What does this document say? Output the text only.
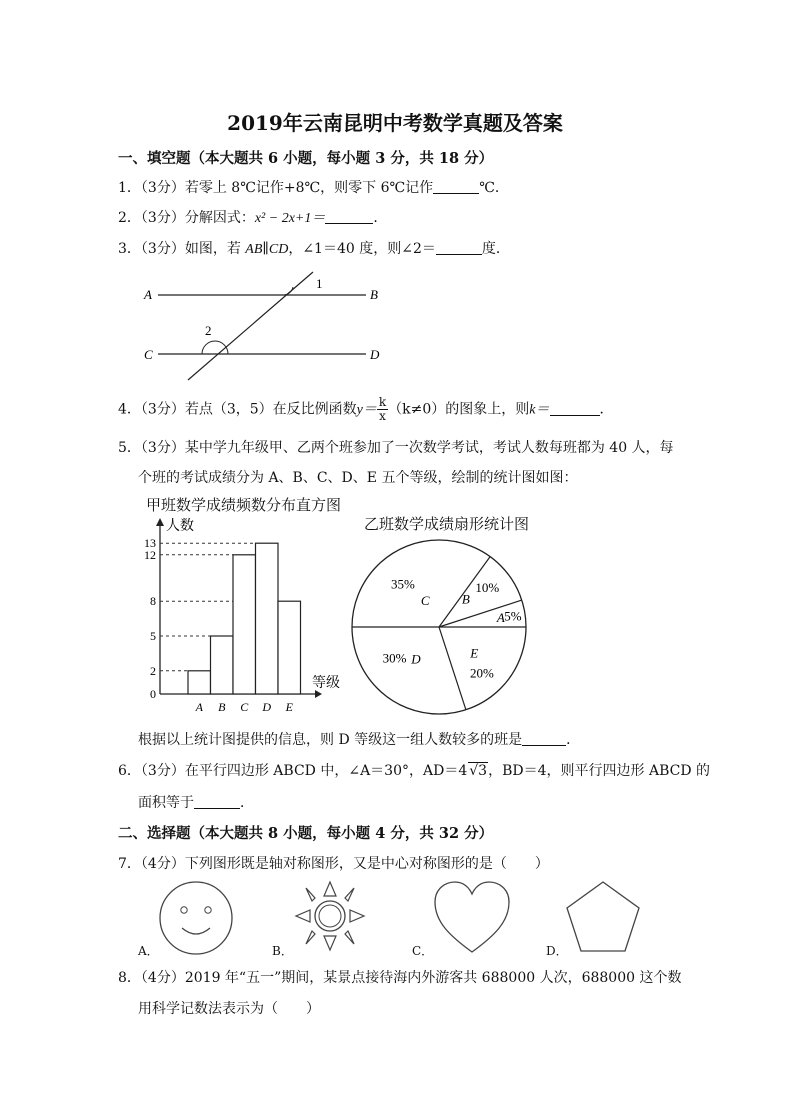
2019年云南昆明中考数学真题及答案
一、填空题（本大题共 6 小题，每小题 3 分，共 18 分）
1．（3分）若零上 8℃记作+8℃，则零下 6℃记作	℃．
2．（3分）分解因式：x² − 2x+1＝	．
3．（3分）如图，若 AB∥CD，∠1＝40 度，则∠2＝	度．
A	B
C	D
1
2
4．（3分）若点（3，5）在反比例函数$y= \frac{k}{x} (k\ne 0)$的图象上，则k＝	．
5．（3分）某中学九年级甲、乙两个班参加了一次数学考试，考试人数每班都为 40 人，每
个班的考试成绩分为 A、B、C、D、E 五个等级，绘制的统计图如图：
甲班数学成绩频数分布直方图
人数
等级
0
2
5
8
12
13
A B C D E
乙班数学成绩扇形统计图
C
35%
B
10%
A 5%
E
20%
D
30%
根据以上统计图提供的信息，则 D 等级这一组人数较多的班是	．
6．（3分）在平行四边形 ABCD 中，∠A＝30°，AD＝4 √3，BD＝4，则平行四边形 ABCD 的
面积等于	．
二、选择题（本大题共 8 小题，每小题 4 分，共 32 分）
7．（4分）下列图形既是轴对称图形，又是中心对称图形的是（　　）
A．	B．	C．	D．
8．（4分）2019 年“五一”期间，某景点接待海内外游客共 688000 人次，688000 这个数
用科学记数法表示为（　　）
